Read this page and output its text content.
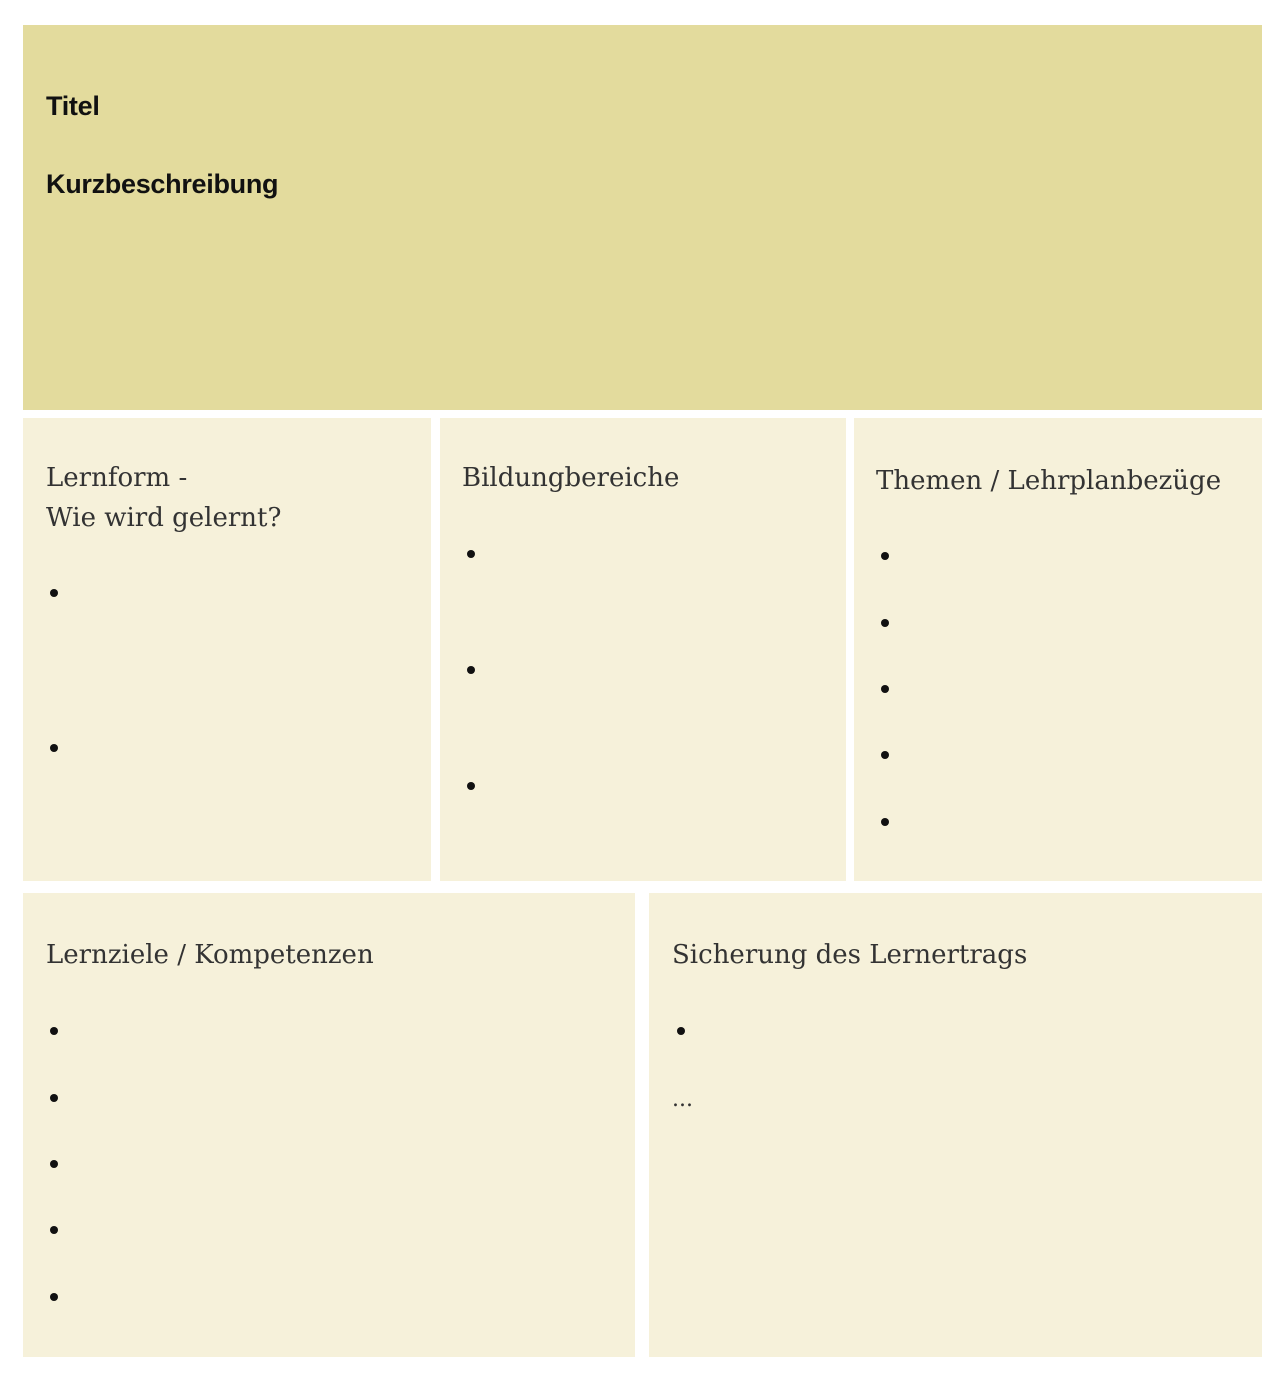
Titel

Kurzbeschreibung

Lernform -

Wie wird gelernt?

Bildungbereiche	Themen / Lehrplanbezüge

Lernziele / Kompetenzen	Sicherung des Lernertrags

...
